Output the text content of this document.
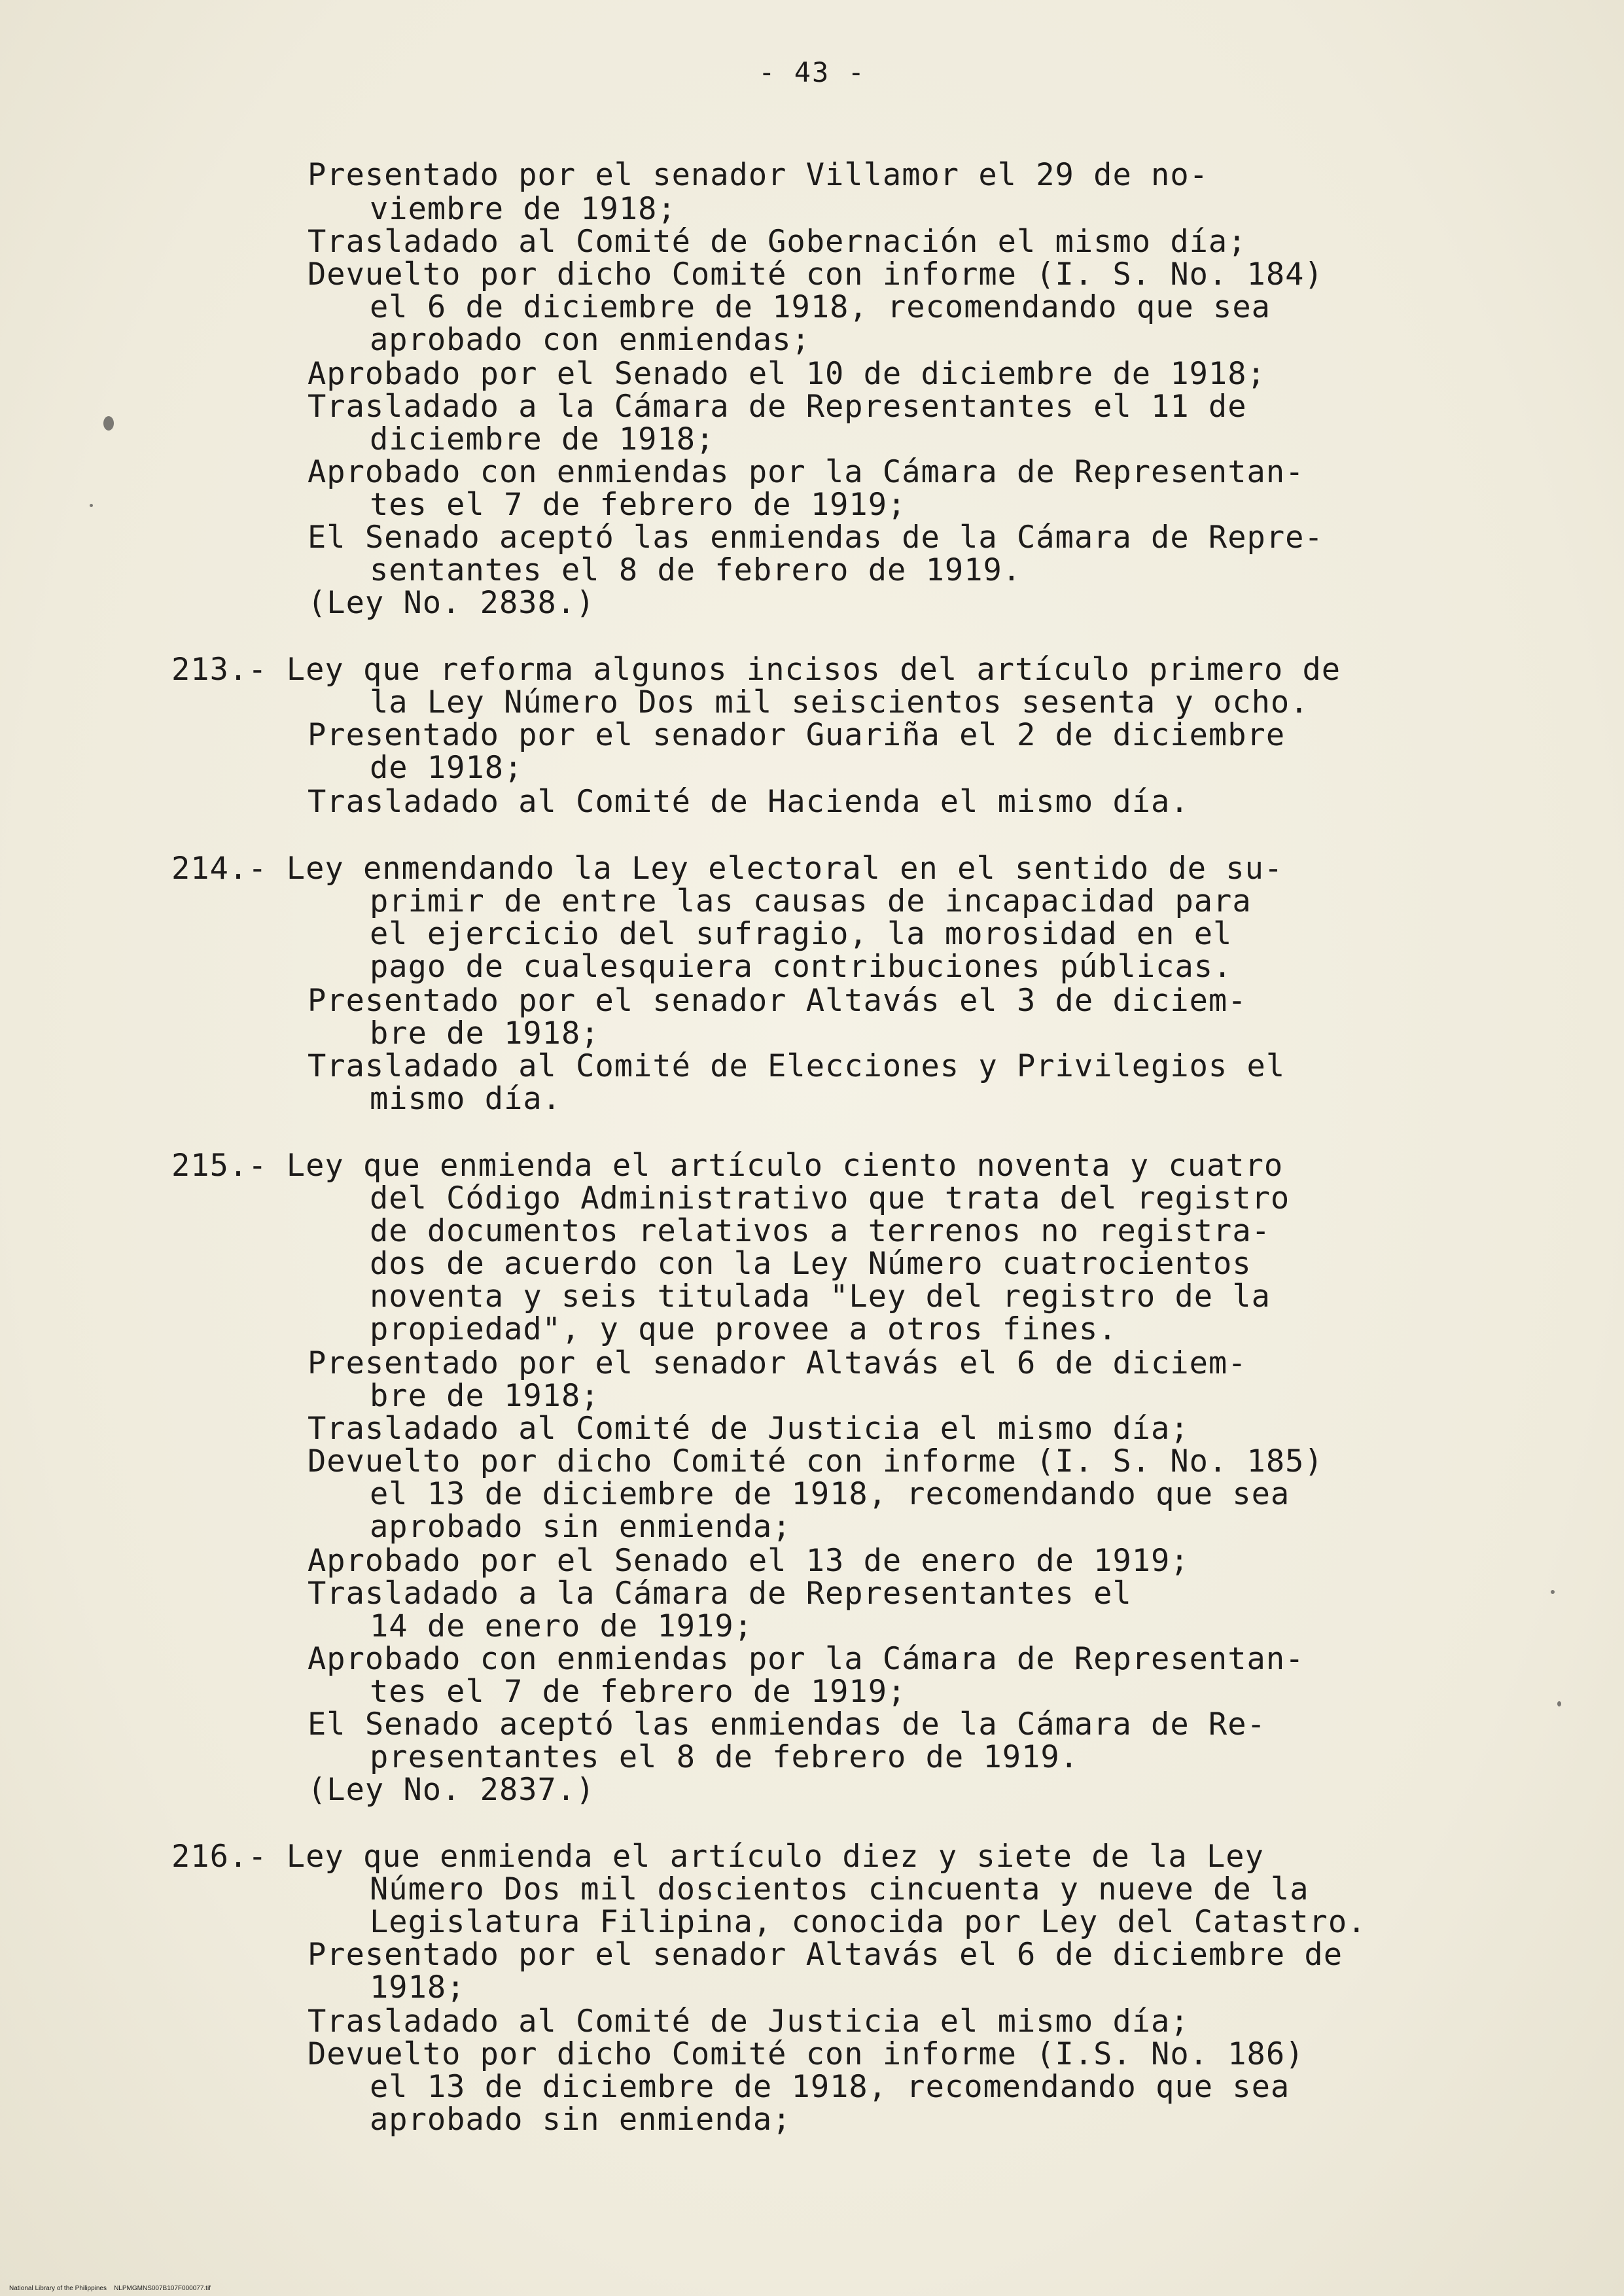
- 43 -
Presentado por el senador Villamor el 29 de no-
viembre de 1918;
Trasladado al Comité de Gobernación el mismo día;
Devuelto por dicho Comité con informe (I. S. No. 184)
el 6 de diciembre de 1918, recomendando que sea
aprobado con enmiendas;
Aprobado por el Senado el 10 de diciembre de 1918;
Trasladado a la Cámara de Representantes el 11 de
diciembre de 1918;
Aprobado con enmiendas por la Cámara de Representan-
tes el 7 de febrero de 1919;
El Senado aceptó las enmiendas de la Cámara de Repre-
sentantes el 8 de febrero de 1919.
(Ley No. 2838.)
213.- Ley que reforma algunos incisos del artículo primero de
la Ley Número Dos mil seiscientos sesenta y ocho.
Presentado por el senador Guariña el 2 de diciembre
de 1918;
Trasladado al Comité de Hacienda el mismo día.
214.- Ley enmendando la Ley electoral en el sentido de su-
primir de entre las causas de incapacidad para
el ejercicio del sufragio, la morosidad en el
pago de cualesquiera contribuciones públicas.
Presentado por el senador Altavás el 3 de diciem-
bre de 1918;
Trasladado al Comité de Elecciones y Privilegios el
mismo día.
215.- Ley que enmienda el artículo ciento noventa y cuatro
del Código Administrativo que trata del registro
de documentos relativos a terrenos no registra-
dos de acuerdo con la Ley Número cuatrocientos
noventa y seis titulada "Ley del registro de la
propiedad", y que provee a otros fines.
Presentado por el senador Altavás el 6 de diciem-
bre de 1918;
Trasladado al Comité de Justicia el mismo día;
Devuelto por dicho Comité con informe (I. S. No. 185)
el 13 de diciembre de 1918, recomendando que sea
aprobado sin enmienda;
Aprobado por el Senado el 13 de enero de 1919;
Trasladado a la Cámara de Representantes el
14 de enero de 1919;
Aprobado con enmiendas por la Cámara de Representan-
tes el 7 de febrero de 1919;
El Senado aceptó las enmiendas de la Cámara de Re-
presentantes el 8 de febrero de 1919.
(Ley No. 2837.)
216.- Ley que enmienda el artículo diez y siete de la Ley
Número Dos mil doscientos cincuenta y nueve de la
Legislatura Filipina, conocida por Ley del Catastro.
Presentado por el senador Altavás el 6 de diciembre de
1918;
Trasladado al Comité de Justicia el mismo día;
Devuelto por dicho Comité con informe (I.S. No. 186)
el 13 de diciembre de 1918, recomendando que sea
aprobado sin enmienda;
National Library of the Philippines    NLPMGMNS007B107F000077.tif
